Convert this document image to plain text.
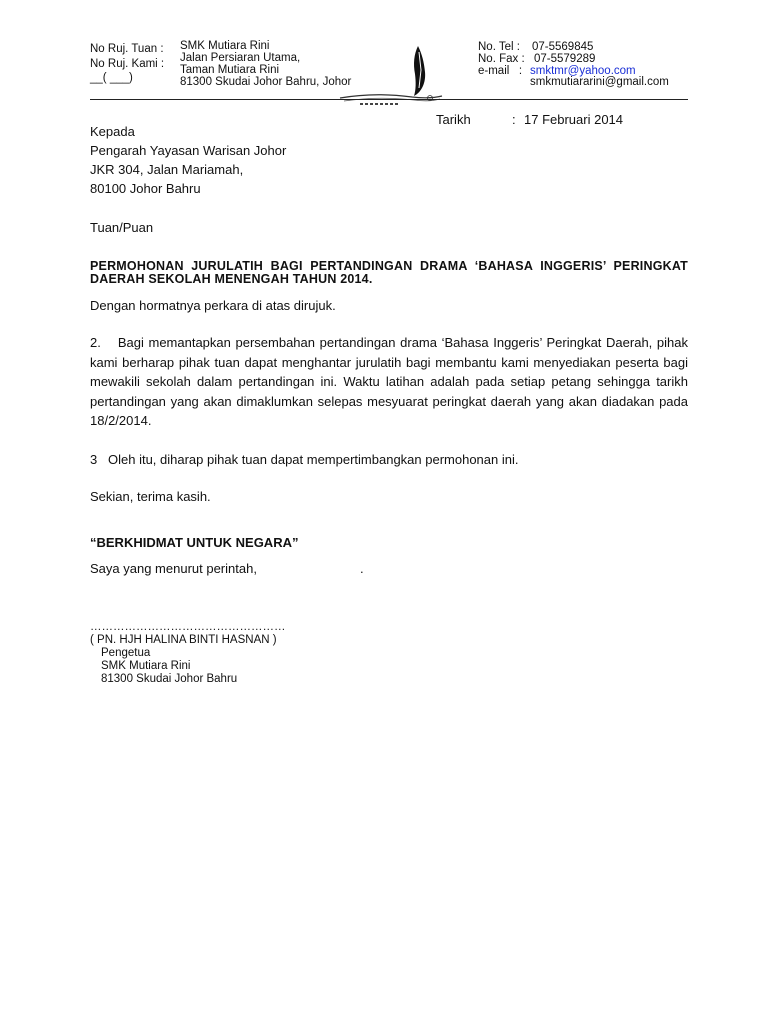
No Ruj. Tuan :
No Ruj. Kami :
__( ___)
SMK Mutiara Rini
Jalan Persiaran Utama,
Taman Mutiara Rini
81300 Skudai Johor Bahru, Johor
No. Tel : 07-5569845
No. Fax : 07-5579289
e-mail   : smktmr@yahoo.com
smkmutiararini@gmail.com
Tarikh	: 17 Februari 2014
Kepada
Pengarah Yayasan Warisan Johor
JKR 304, Jalan Mariamah,
80100 Johor Bahru
Tuan/Puan
PERMOHONAN JURULATIH BAGI PERTANDINGAN DRAMA ‘BAHASA INGGERIS’ PERINGKAT DAERAH SEKOLAH MENENGAH TAHUN 2014.
Dengan hormatnya perkara di atas dirujuk.
2. Bagi memantapkan persembahan pertandingan drama ‘Bahasa Inggeris’ Peringkat Daerah, pihak kami berharap pihak tuan dapat menghantar jurulatih bagi membantu kami menyediakan peserta bagi mewakili sekolah dalam pertandingan ini. Waktu latihan adalah pada setiap petang sehingga tarikh pertandingan yang akan dimaklumkan selepas mesyuarat peringkat daerah yang akan diadakan pada 18/2/2014.
3 Oleh itu, diharap pihak tuan dapat mempertimbangkan permohonan ini.
Sekian, terima kasih.
“BERKHIDMAT UNTUK NEGARA”
Saya yang menurut perintah,	.
……………………………………………
( PN. HJH HALINA BINTI HASNAN )
Pengetua
SMK Mutiara Rini
81300 Skudai Johor Bahru
